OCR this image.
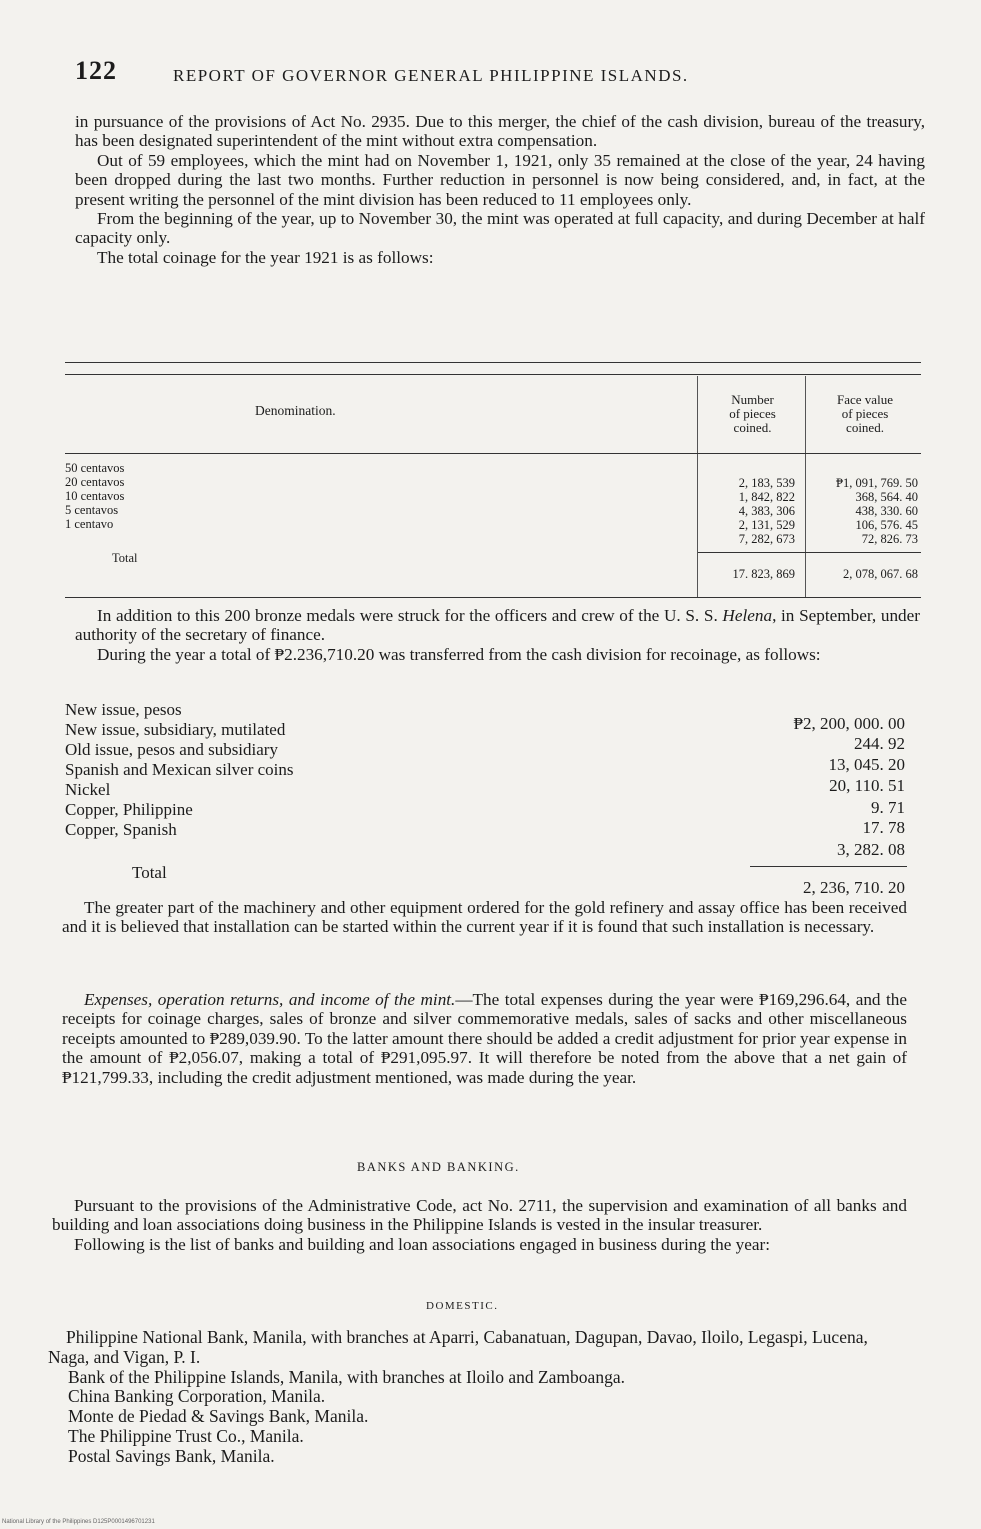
122	REPORT OF GOVERNOR GENERAL PHILIPPINE ISLANDS.

in pursuance of the provisions of Act No. 2935. Due to this merger, the chief of the cash division, bureau of the treasury, has been designated superintendent of the mint without extra compensation.

Out of 59 employees, which the mint had on November 1, 1921, only 35 remained at the close of the year, 24 having been dropped during the last two months. Further reduction in personnel is now being considered, and, in fact, at the present writing the personnel of the mint division has been reduced to 11 employees only.

From the beginning of the year, up to November 30, the mint was operated at full capacity, and during December at half capacity only.

The total coinage for the year 1921 is as follows:

Denomination.
Number
of pieces
coined.
Face value
of pieces
coined.
50 centavos
20 centavos
10 centavos
5 centavos
1 centavo
Total
2, 183, 539
1, 842, 822
4, 383, 306
2, 131, 529
7, 282, 673
₱1, 091, 769. 50
368, 564. 40
438, 330. 60
106, 576. 45
72, 826. 73
17. 823, 869	2, 078, 067. 68

In addition to this 200 bronze medals were struck for the officers and crew of the U. S. S. Helena, in September, under authority of the secretary of finance.

During the year a total of ₱2.236,710.20 was transferred from the cash division for recoinage, as follows:

New issue, pesos
New issue, subsidiary, mutilated
Old issue, pesos and subsidiary
Spanish and Mexican silver coins
Nickel
Copper, Philippine
Copper, Spanish
₱2, 200, 000. 00
244. 92
13, 045. 20
20, 110. 51
9. 71
17. 78
3, 282. 08
Total
2, 236, 710. 20

The greater part of the machinery and other equipment ordered for the gold refinery and assay office has been received and it is believed that installation can be started within the current year if it is found that such installation is necessary.

Expenses, operation returns, and income of the mint.—The total expenses during the year were ₱169,296.64, and the receipts for coinage charges, sales of bronze and silver commemorative medals, sales of sacks and other miscellaneous receipts amounted to ₱289,039.90. To the latter amount there should be added a credit adjustment for prior year expense in the amount of ₱2,056.07, making a total of ₱291,095.97. It will therefore be noted from the above that a net gain of ₱121,799.33, including the credit adjustment mentioned, was made during the year.

BANKS AND BANKING.

Pursuant to the provisions of the Administrative Code, act No. 2711, the supervision and examination of all banks and building and loan associations doing business in the Philippine Islands is vested in the insular treasurer.

Following is the list of banks and building and loan associations engaged in business during the year:

DOMESTIC.

Philippine National Bank, Manila, with branches at Aparri, Cabanatuan, Dagupan, Davao, Iloilo, Legaspi, Lucena, Naga, and Vigan, P. I.

Bank of the Philippine Islands, Manila, with branches at Iloilo and Zamboanga.

China Banking Corporation, Manila.

Monte de Piedad & Savings Bank, Manila.

The Philippine Trust Co., Manila.

Postal Savings Bank, Manila.

National Library of the Philippines D125P0001496701231
